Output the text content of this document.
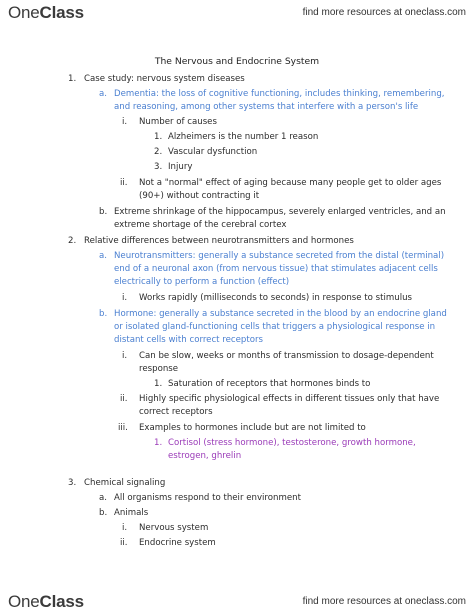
OneClass	find more resources at oneclass.com
The Nervous and Endocrine System
1. Case study: nervous system diseases
a. Dementia: the loss of cognitive functioning, includes thinking, remembering,
and reasoning, among other systems that interfere with a person's life
i. Number of causes
1. Alzheimers is the number 1 reason
2. Vascular dysfunction
3. Injury
ii. Not a "normal" effect of aging because many people get to older ages
(90+) without contracting it
b. Extreme shrinkage of the hippocampus, severely enlarged ventricles, and an
extreme shortage of the cerebral cortex
2. Relative differences between neurotransmitters and hormones
a. Neurotransmitters: generally a substance secreted from the distal (terminal)
end of a neuronal axon (from nervous tissue) that stimulates adjacent cells
electrically to perform a function (effect)
i. Works rapidly (milliseconds to seconds) in response to stimulus
b. Hormone: generally a substance secreted in the blood by an endocrine gland
or isolated gland-functioning cells that triggers a physiological response in
distant cells with correct receptors
i. Can be slow, weeks or months of transmission to dosage-dependent
response
1. Saturation of receptors that hormones binds to
ii. Highly specific physiological effects in different tissues only that have
correct receptors
iii. Examples to hormones include but are not limited to
1. Cortisol (stress hormone), testosterone, growth hormone,
estrogen, ghrelin
3. Chemical signaling
a. All organisms respond to their environment
b. Animals
i. Nervous system
ii. Endocrine system
OneClass	find more resources at oneclass.com
